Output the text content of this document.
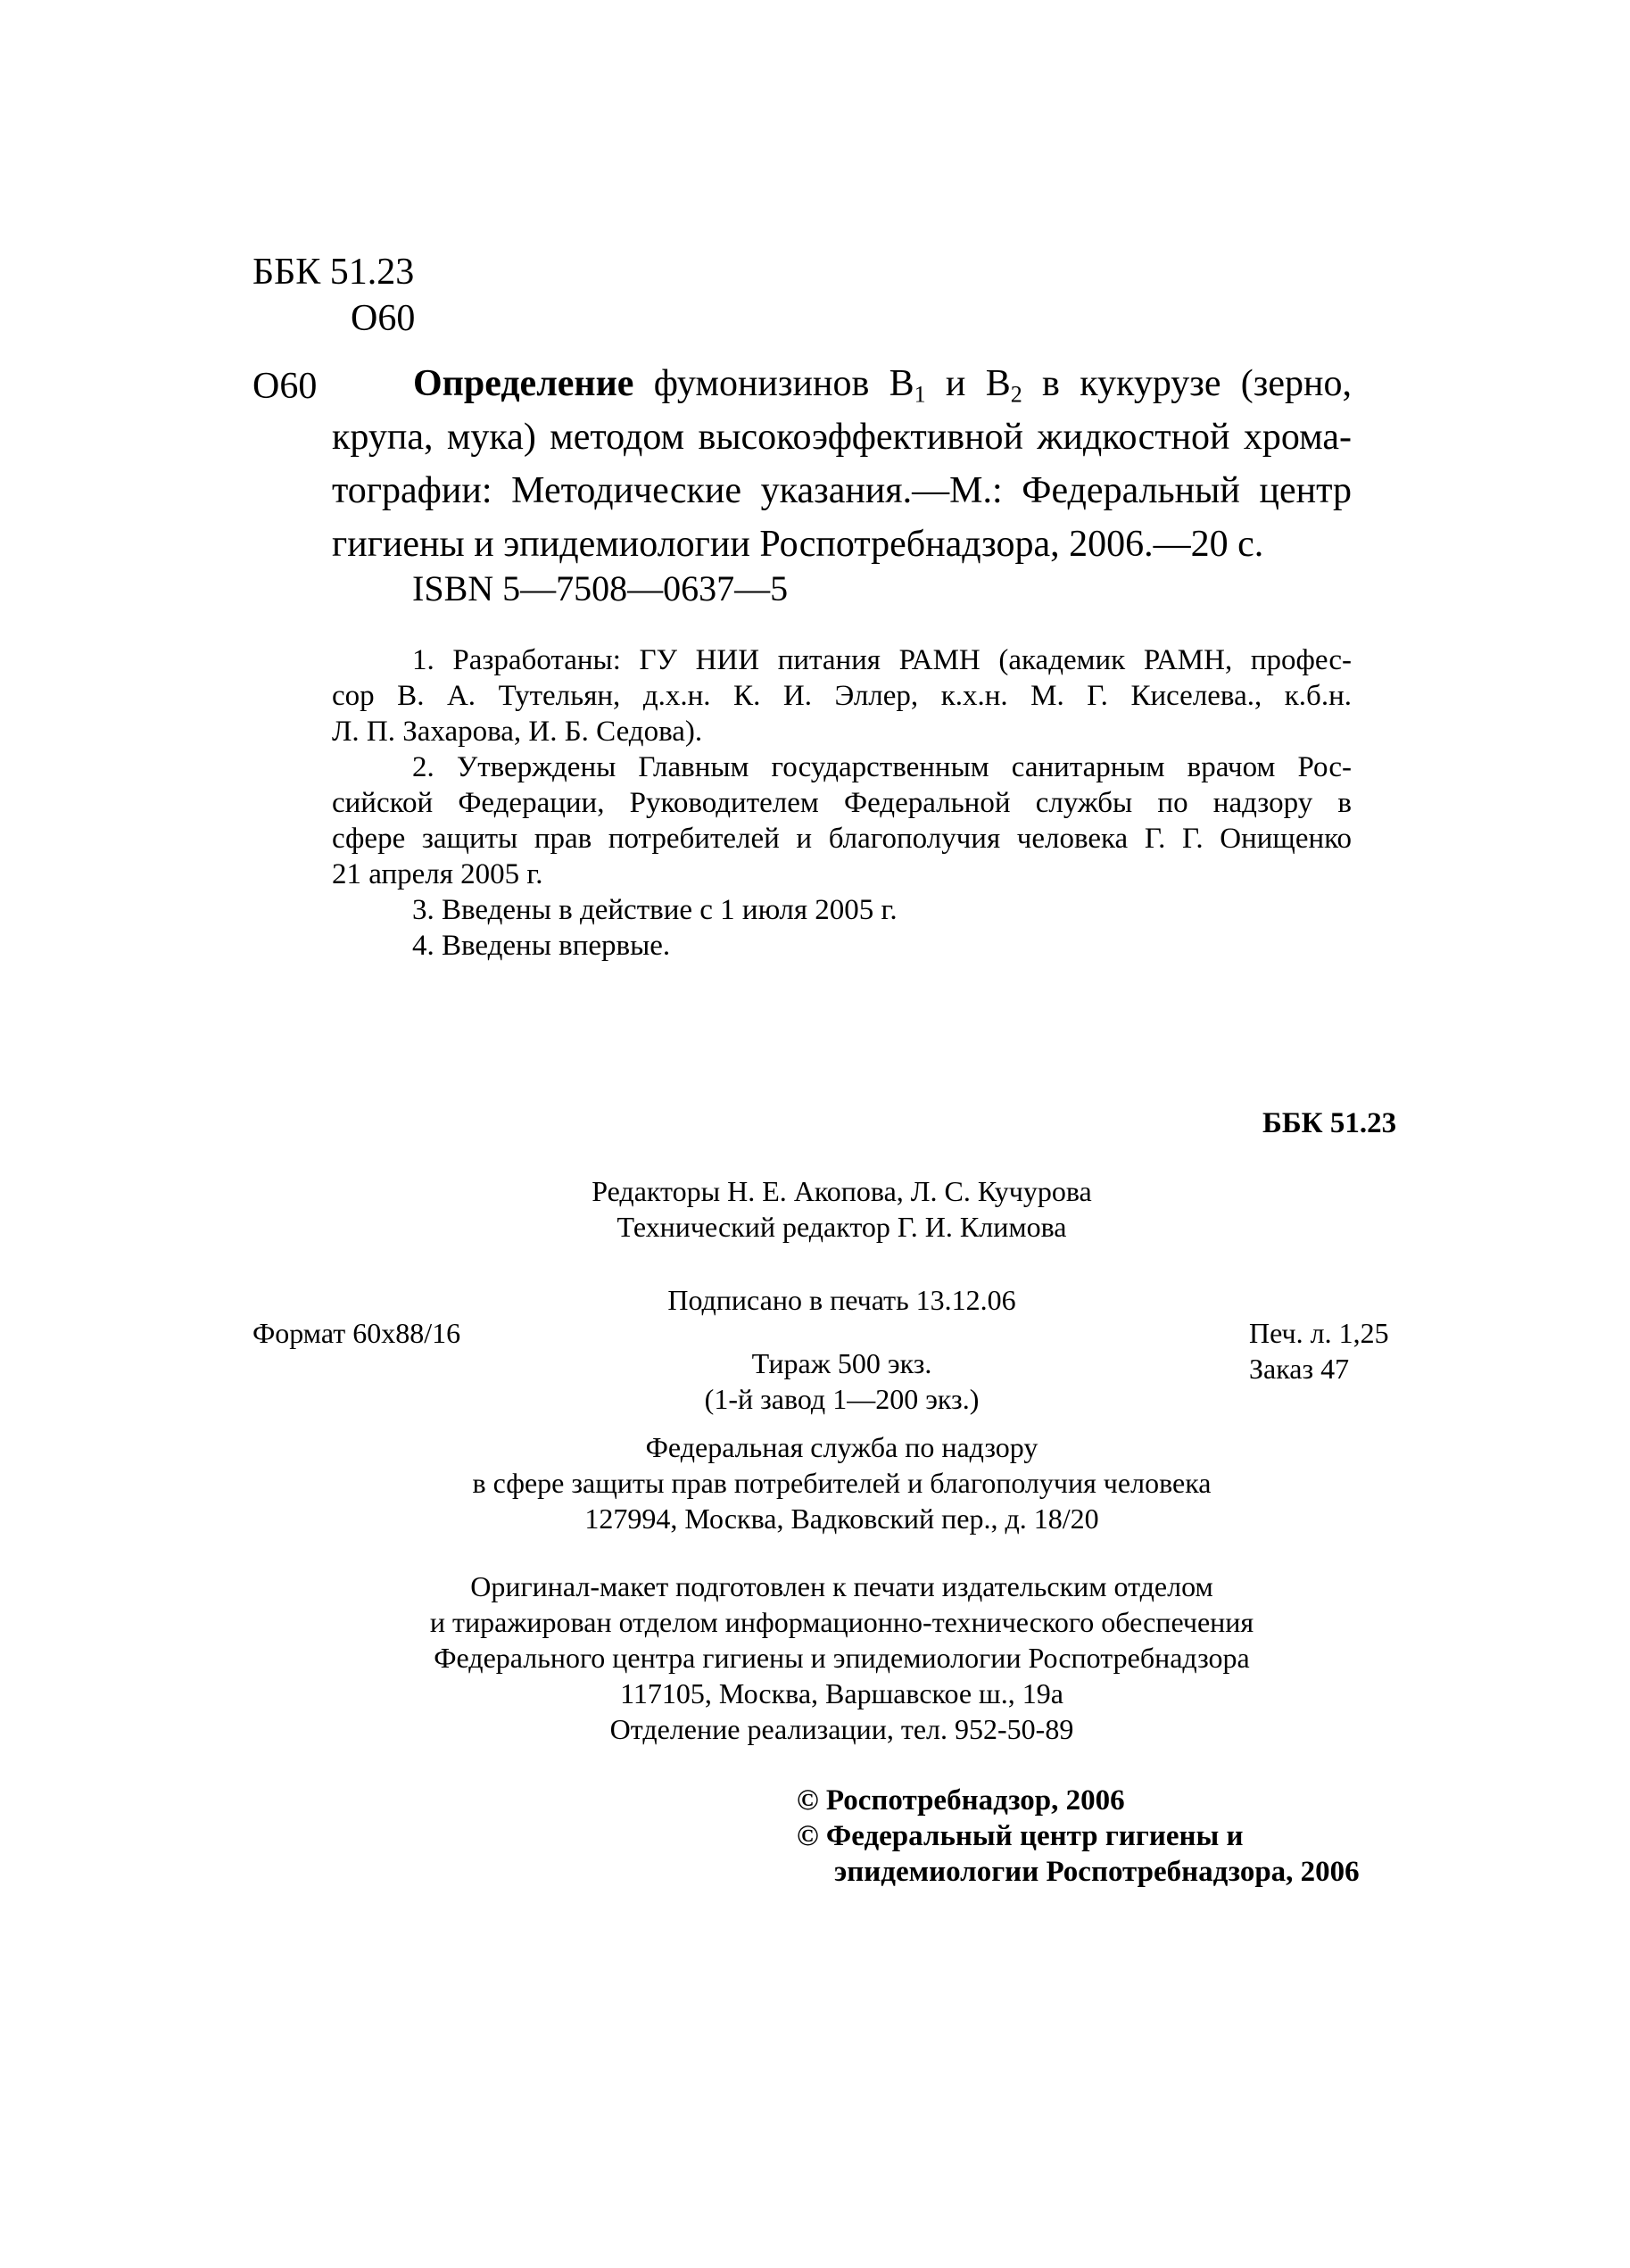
ББК 51.23
О60
О60	Определение фумонизинов $B_1$ и $B_2$ в кукурузе (зерно,
крупа, мука) методом высокоэффективной жидкостной хрома-
тографии: Методические указания.—М.: Федеральный центр
гигиены и эпидемиологии Роспотребнадзора, 2006.—20 с.
ISBN 5—7508—0637—5
1. Разработаны: ГУ НИИ питания РАМН (академик РАМН, профес-
сор В. А. Тутельян, д.х.н. К. И. Эллер, к.х.н. М. Г. Киселева., к.б.н.
Л. П. Захарова, И. Б. Седова).
2. Утверждены Главным государственным санитарным врачом Рос-
сийской Федерации, Руководителем Федеральной службы по надзору в
сфере защиты прав потребителей и благополучия человека Г. Г. Онищенко
21 апреля 2005 г.
3. Введены в действие с 1 июля 2005 г.
4. Введены впервые.
ББК 51.23
Редакторы Н. Е. Акопова, Л. С. Кучурова
Технический редактор Г. И. Климова
Подписано в печать 13.12.06
Формат 60x88/16	Печ. л. 1,25
Заказ 47
Тираж 500 экз.
(1-й завод 1—200 экз.)
Федеральная служба по надзору
в сфере защиты прав потребителей и благополучия человека
127994, Москва, Вадковский пер., д. 18/20
Оригинал-макет подготовлен к печати издательским отделом
и тиражирован отделом информационно-технического обеспечения
Федерального центра гигиены и эпидемиологии Роспотребнадзора
117105, Москва, Варшавское ш., 19а
Отделение реализации, тел. 952-50-89
© Роспотребнадзор, 2006
© Федеральный центр гигиены и
эпидемиологии Роспотребнадзора, 2006
